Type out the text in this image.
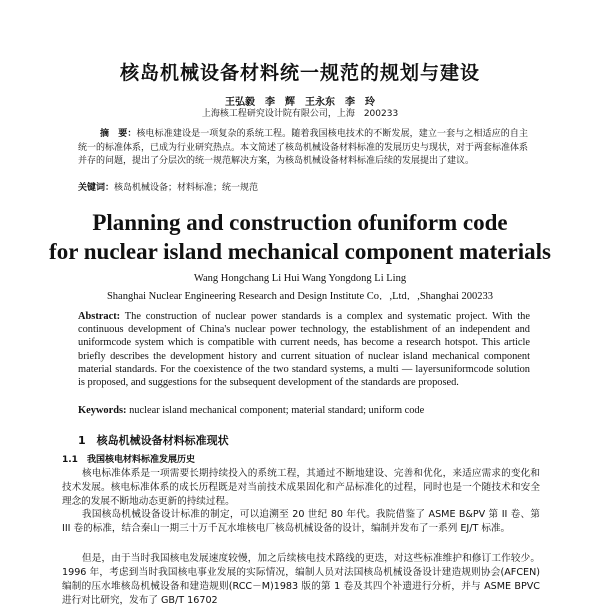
核岛机械设备材料统一规范的规划与建设
王弘毅　李　辉　王永东　李　玲
上海核工程研究设计院有限公司，上海　200233
摘　要：核电标准建设是一项复杂的系统工程。随着我国核电技术的不断发展，建立一套与之相适应的自主统一的标准体系，已成为行业研究热点。本文简述了核岛机械设备材料标准的发展历史与现状，对于两套标准体系并存的问题，提出了分层次的统一规范解决方案，为核岛机械设备材料标准后续的发展提出了建议。
关键词：核岛机械设备；材料标准；统一规范
Planning and construction ofuniform code
for nuclear island mechanical component materials
Wang Hongchang Li Hui Wang Yongdong Li Ling
Shanghai Nuclear Engineering Research and Design Institute Co．,Ltd．,Shanghai 200233
Abstract: The construction of nuclear power standards is a complex and systematic project. With the continuous development of China's nuclear power technology, the establishment of an independent and uniformcode system which is compatible with current needs, has become a research hotspot. This article briefly describes the development history and current situation of nuclear island mechanical component material standards. For the coexistence of the two standard systems, a multi — layersuniformcode solution is proposed, and suggestions for the subsequent development of the standards are proposed.
Keywords: nuclear island mechanical component; material standard; uniform code
1　核岛机械设备材料标准现状
1.1　我国核电材料标准发展历史
核电标准体系是一项需要长期持续投入的系统工程，其通过不断地建设、完善和优化，来适应需求的变化和技术发展。核电标准体系的成长历程既是对当前技术成果固化和产品标准化的过程，同时也是一个随技术和安全理念的发展不断地动态更新的持续过程。
我国核岛机械设备设计标准的制定，可以追溯至 20 世纪 80 年代。我院借鉴了 ASME B&PV 第 II 卷、第 III 卷的标准，结合秦山一期三十万千瓦水堆核电厂核岛机械设备的设计，编制并发布了一系列 EJ/T 标准。
但是，由于当时我国核电发展速度较慢，加之后续核电技术路线的更迭，对这些标准维护和修订工作较少。1996 年，考虑到当时我国核电事业发展的实际情况，编制人员对法国核岛机械设备设计建造规则协会(AFCEN)编制的压水堆核岛机械设备和建造规则(RCC－M)1983 版的第 1 卷及其四个补遗进行分析，并与 ASME BPVC 进行对比研究，发布了 GB/T 16702
